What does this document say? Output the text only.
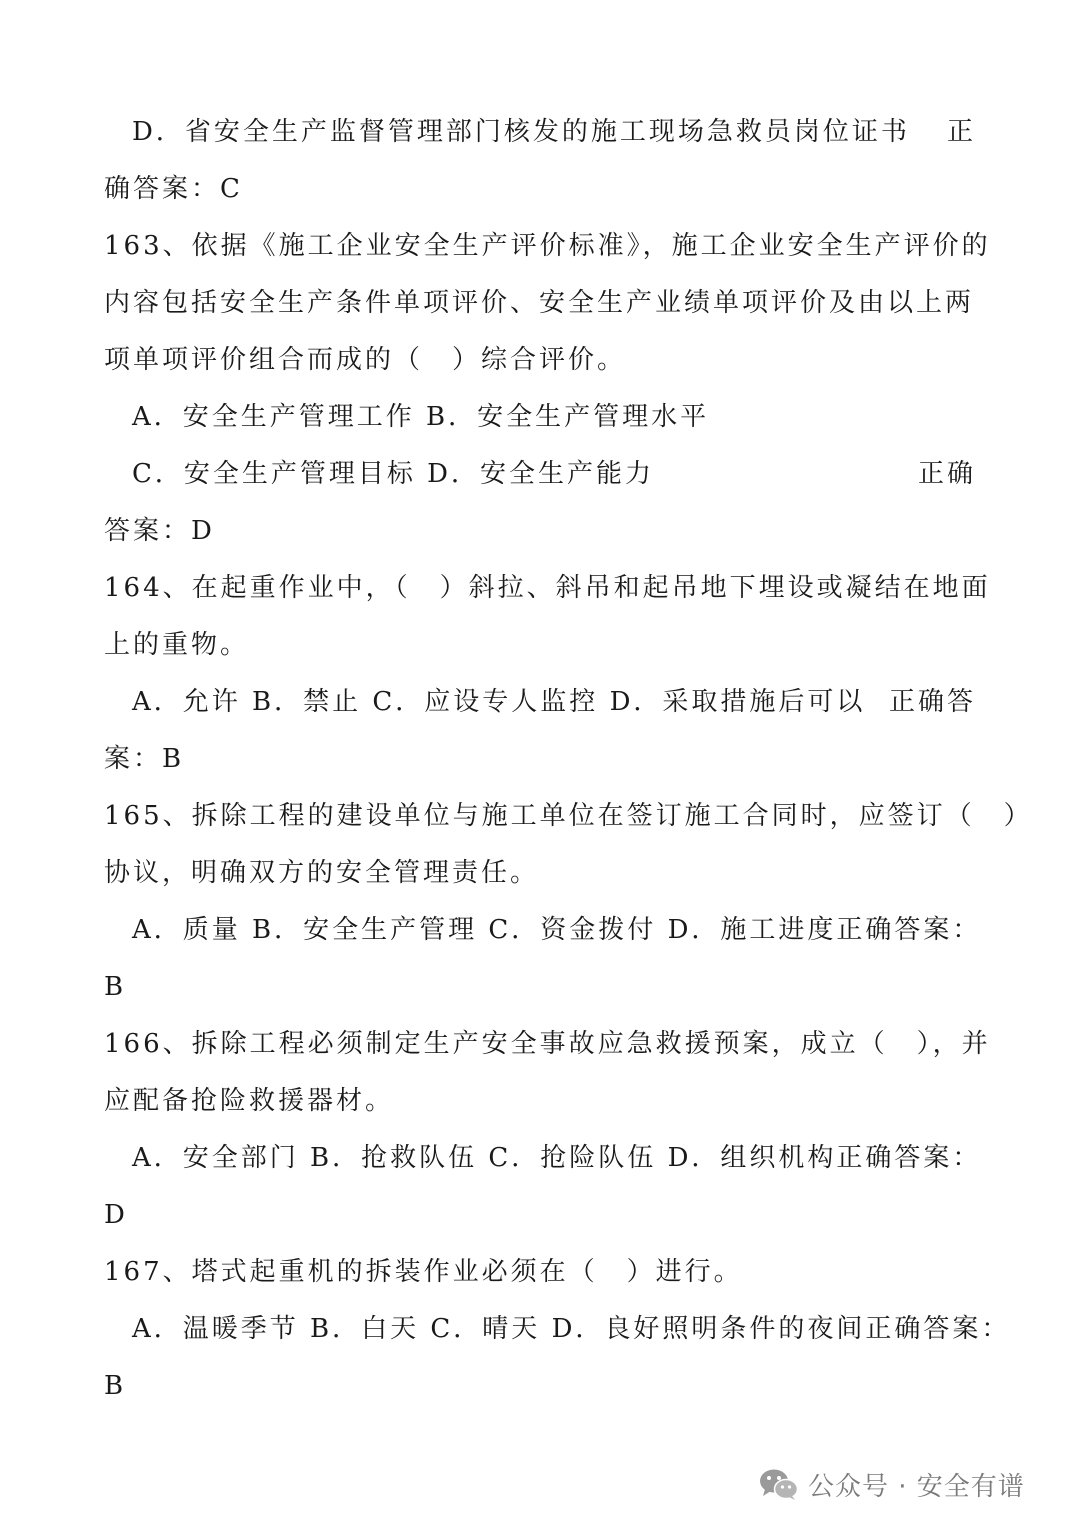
D．省安全生产监督管理部门核发的施工现场急救员岗位证书 正
确答案：C
163、依据《施工企业安全生产评价标准》，施工企业安全生产评价的
内容包括安全生产条件单项评价、安全生产业绩单项评价及由以上两
项单项评价组合而成的（　）综合评价。
A．安全生产管理工作 B．安全生产管理水平
C．安全生产管理目标 D．安全生产能力	正确
答案：D
164、在起重作业中，（　）斜拉、斜吊和起吊地下埋设或凝结在地面
上的重物。
A．允许 B．禁止 C．应设专人监控 D．采取措施后可以 正确答
案：B
165、拆除工程的建设单位与施工单位在签订施工合同时，应签订（　）
协议，明确双方的安全管理责任。
A．质量 B．安全生产管理 C．资金拨付 D．施工进度 正确答案：
B
166、拆除工程必须制定生产安全事故应急救援预案，成立（　），并
应配备抢险救援器材。
A．安全部门 B．抢救队伍 C．抢险队伍 D．组织机构 正确答案：
D
167、塔式起重机的拆装作业必须在（　）进行。
A．温暖季节 B．白天 C．晴天 D．良好照明条件的夜间 正确答案：
B
公众号 · 安全有谱
